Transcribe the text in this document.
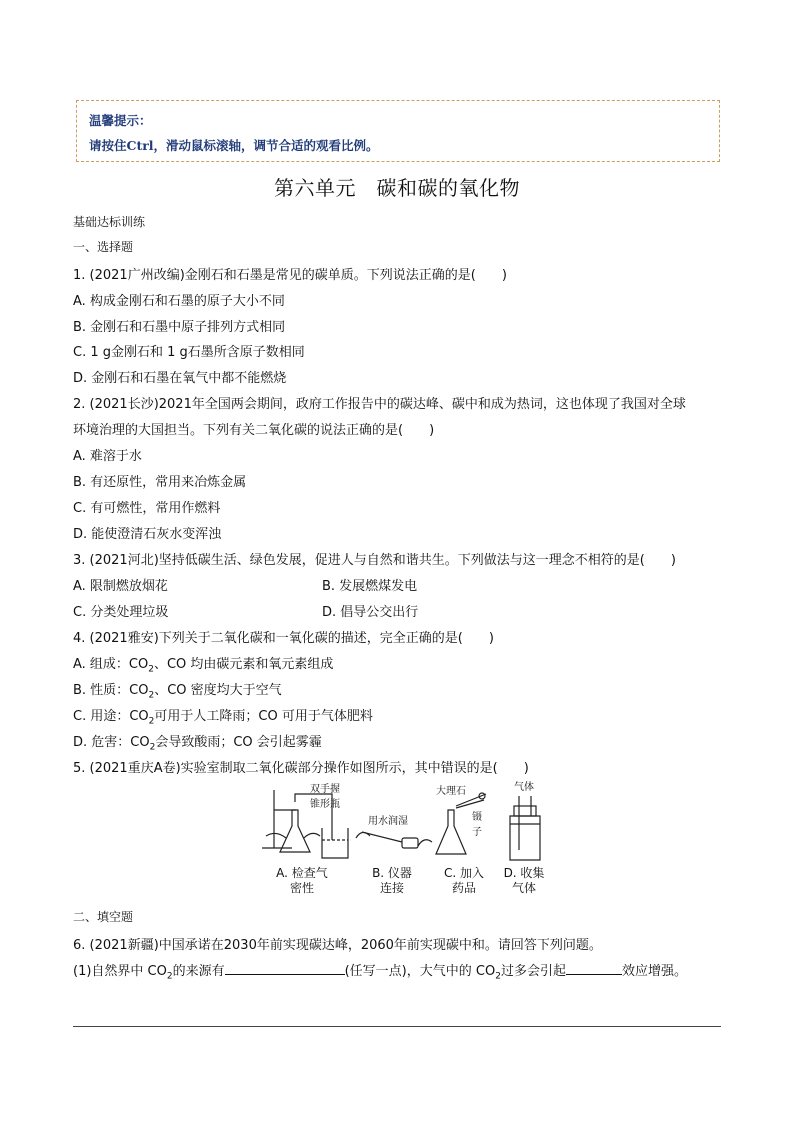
温馨提示：
请按住Ctrl，滑动鼠标滚轴，调节合适的观看比例。
第六单元　碳和碳的氧化物
基础达标训练
一、选择题
1. (2021广州改编)金刚石和石墨是常见的碳单质。下列说法正确的是(　　)
A. 构成金刚石和石墨的原子大小不同
B. 金刚石和石墨中原子排列方式相同
C. 1 g金刚石和 1 g石墨所含原子数相同
D. 金刚石和石墨在氧气中都不能燃烧
2. (2021长沙)2021年全国两会期间，政府工作报告中的碳达峰、碳中和成为热词，这也体现了我国对全球
环境治理的大国担当。下列有关二氧化碳的说法正确的是(　　)
A. 难溶于水
B. 有还原性，常用来冶炼金属
C. 有可燃性，常用作燃料
D. 能使澄清石灰水变浑浊
3. (2021河北)坚持低碳生活、绿色发展，促进人与自然和谐共生。下列做法与这一理念不相符的是(　　)
A. 限制燃放烟花	B. 发展燃煤发电
C. 分类处理垃圾	D. 倡导公交出行
4. (2021雅安)下列关于二氧化碳和一氧化碳的描述，完全正确的是(　　)
A. 组成：$CO_2$、CO 均由碳元素和氧元素组成
B. 性质：$CO_2$、CO 密度均大于空气
C. 用途：$CO_2$可用于人工降雨；CO 可用于气体肥料
D. 危害：$CO_2$会导致酸雨；CO 会引起雾霾
5. (2021重庆A卷)实验室制取二氧化碳部分操作如图所示，其中错误的是(　　)
双手握
锥形瓶
用水润湿
大理石
镊
子
气体
A. 检查气
密性
B. 仪器
连接
C. 加入
药品
D. 收集
气体
二、填空题
6. (2021新疆)中国承诺在2030年前实现碳达峰，2060年前实现碳中和。请回答下列问题。
(1)自然界中 $CO_2$的来源有	(任写一点)，大气中的 $CO_2$过多会引起	效应增强。
